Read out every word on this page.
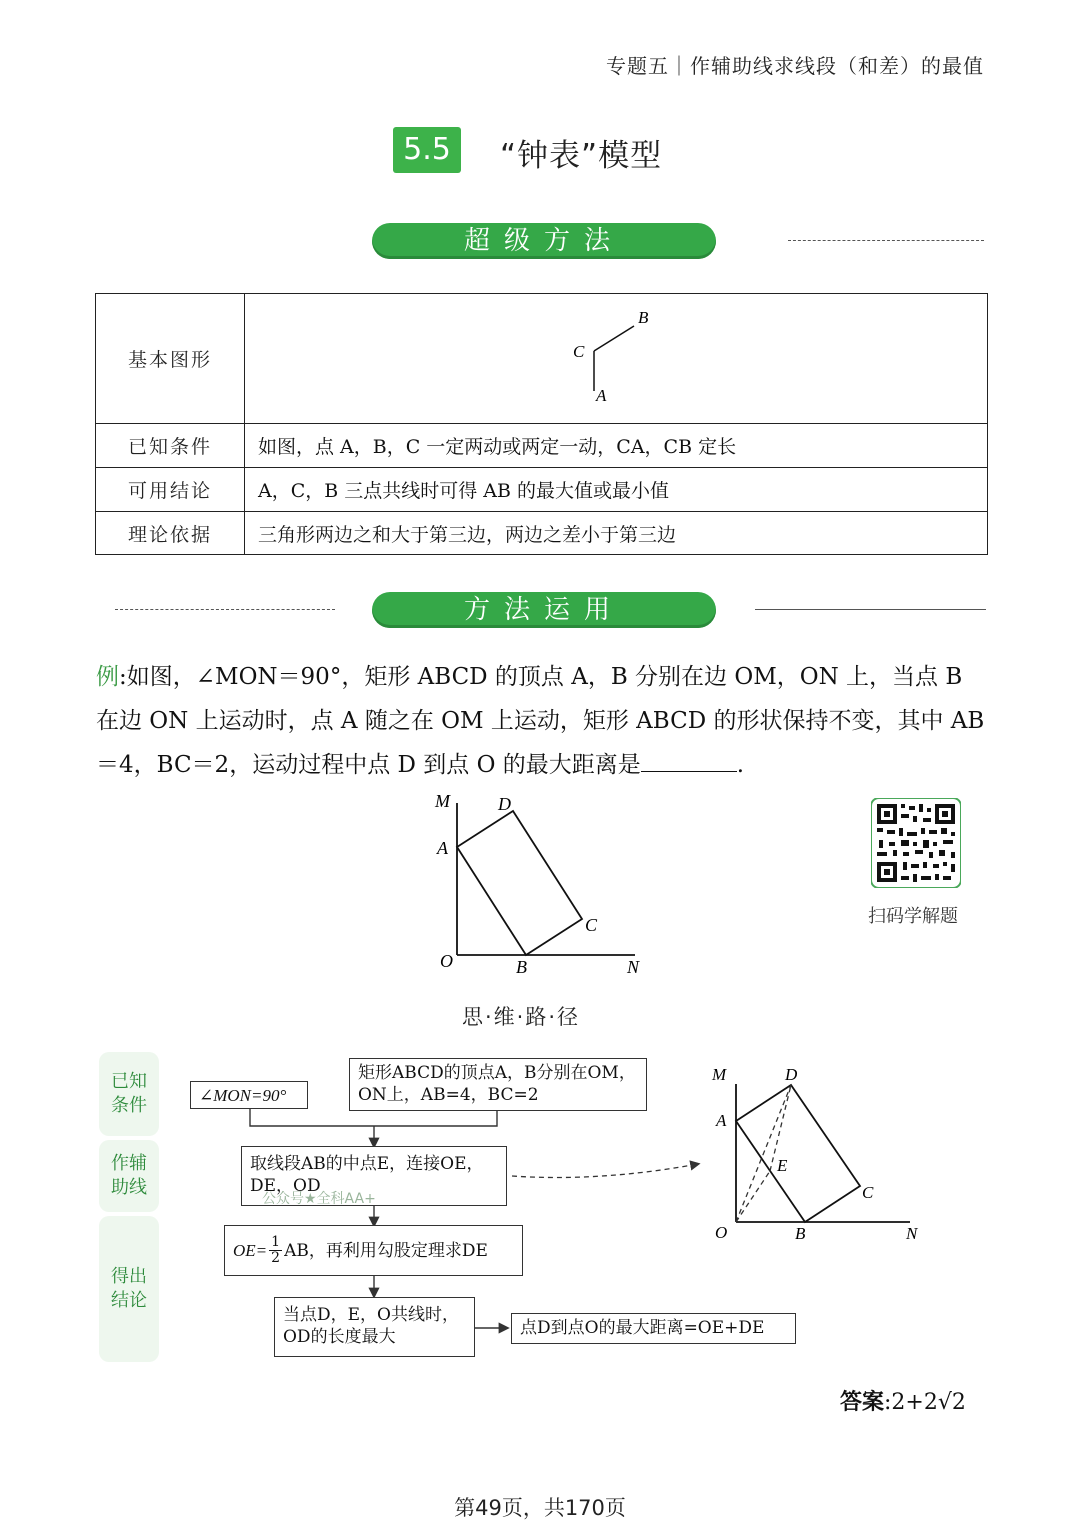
专题五｜作辅助线求线段（和差）的最值
5.5	“钟表”模型
超级方法
基本图形	B
C
A

已知条件	如图，点 A，B，C 一定两动或两定一动，CA，CB 定长
可用结论	A，C，B 三点共线时可得 AB 的最大值或最小值
理论依据	三角形两边之和大于第三边，两边之差小于第三边
方法运用
例:如图，∠MON＝90°，矩形 ABCD 的顶点 A，B 分别在边 OM，ON 上，当点 B 在边 ON 上运动时，点 A 随之在 OM 上运动，矩形 ABCD 的形状保持不变，其中 AB＝4，BC＝2，运动过程中点 D 到点 O 的最大距离是	.
M	D
A
C
O	B	N
扫码学解题
思·维·路·径
已知条件
作辅助线
得出结论
∠MON=90°
矩形ABCD的顶点A，B分别在OM，ON上，AB=4，BC=2
取线段AB的中点E，连接OE，DE，OD
$OE= \frac{1}{2}$ AB，再利用勾股定理求DE
当点D，E，O共线时，OD的长度最大	点D到点O的最大距离=OE+DE
公众号★全科AA+
M	D
A
E
C
O	B	N
答案:2+2√2
第49页，共170页
